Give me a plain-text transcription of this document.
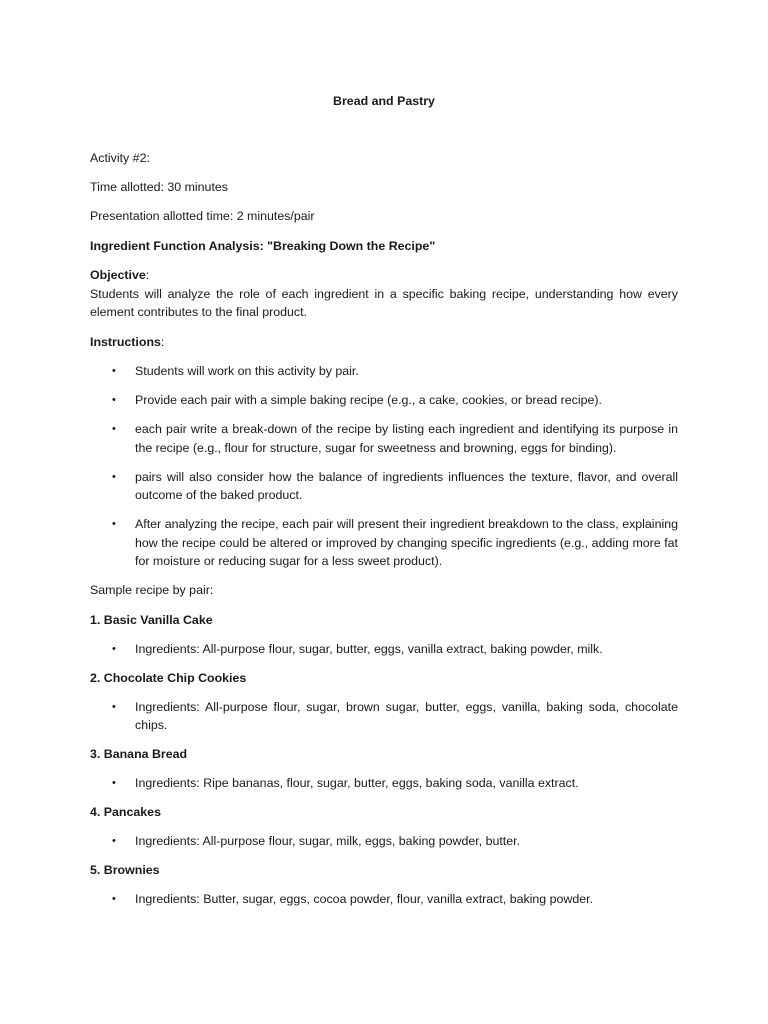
Bread and Pastry

Activity #2:

Time allotted: 30 minutes

Presentation allotted time: 2 minutes/pair

Ingredient Function Analysis: "Breaking Down the Recipe"

Objective:
Students will analyze the role of each ingredient in a specific baking recipe, understanding how every element contributes to the final product.
Instructions:
• Students will work on this activity by pair.
• Provide each pair with a simple baking recipe (e.g., a cake, cookies, or bread recipe).
• each pair write a break-down of the recipe by listing each ingredient and identifying its purpose in the recipe (e.g., flour for structure, sugar for sweetness and browning, eggs for binding).
• pairs will also consider how the balance of ingredients influences the texture, flavor, and overall outcome of the baked product.
• After analyzing the recipe, each pair will present their ingredient breakdown to the class, explaining how the recipe could be altered or improved by changing specific ingredients (e.g., adding more fat for moisture or reducing sugar for a less sweet product).

Sample recipe by pair:

1. Basic Vanilla Cake
• Ingredients: All-purpose flour, sugar, butter, eggs, vanilla extract, baking powder, milk.
2. Chocolate Chip Cookies
• Ingredients: All-purpose flour, sugar, brown sugar, butter, eggs, vanilla, baking soda, chocolate chips.
3. Banana Bread
• Ingredients: Ripe bananas, flour, sugar, butter, eggs, baking soda, vanilla extract.
4. Pancakes
• Ingredients: All-purpose flour, sugar, milk, eggs, baking powder, butter.
5. Brownies
• Ingredients: Butter, sugar, eggs, cocoa powder, flour, vanilla extract, baking powder.
